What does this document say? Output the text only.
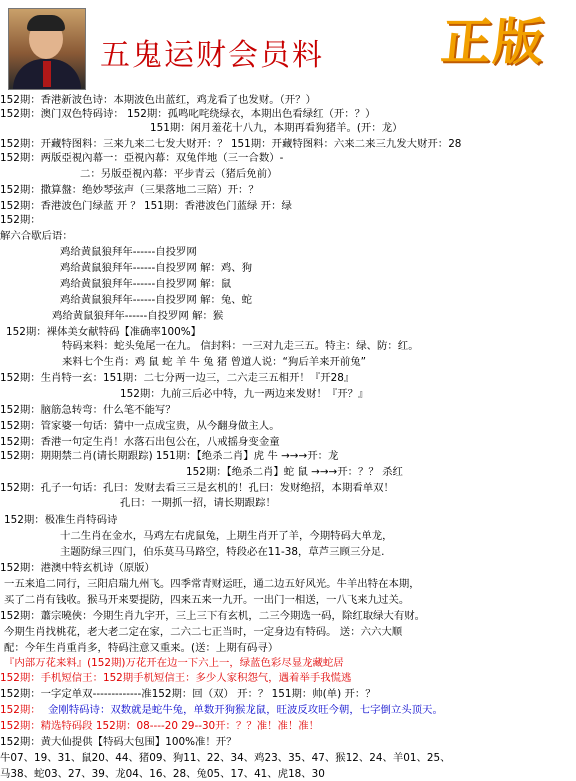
五鬼运财会员料 正版
152期：香港新波色诗：本期波色出蓝红，鸡龙看了也发财。（开？）
152期：澳门双色特码诗： 152期：孤鸣叱咤绕绿衣，本期出色看绿红（开：？）
151期：闲月羞花十八九，本期再看狗猪羊。(开：龙）
152期：开藏特图料：三来九来二七发大财开：？ 151期：开藏特图料：六来二来三九发大财开：28
152期：两版亞視內幕一：亞視內幕：双兔伴地（三一合数）-
二：另版亞視內幕：平步青云（猪后免前）
152期：撒算盤：绝妙琴弦声（三果落地二三陪）开：？
152期：香港波色门绿蓝 开 ？ 151期：香港波色门蓝绿 开：绿
152期：
解六合歇后语：
鸡给黄鼠狼拜年------自投罗网
鸡给黄鼠狼拜年------自投罗网 解：鸡、狗
鸡给黄鼠狼拜年------自投罗网 解：鼠
鸡给黄鼠狼拜年------自投罗网 解：兔、蛇
鸡给黄鼠狼拜年------自投罗网 解：猴
152期：裸体美女献特码【准确率100%】
特码来料：蛇头兔尾一在九。 信封料：一三对九走三五。特主：绿、防：红。
来料七个生肖：鸡 鼠 蛇 羊 牛 兔 猪 曾道人说：“狗后羊来开前兔”
152期：生肖特一玄：151期：二七分两一边三，二六走三五相开！『开28』
152期：九前三后必中特，九一两边来发财！『开？』
152期：脑筋急转弯：什么笔不能写？
152期：管家婆一句话：猜中一点成宝贵，从今翻身做主人。
152期：香港一句定生肖！水落石出包公在，八戒摇身变金童
152期：期期禁二肖(请长期跟踪) 151期：【绝杀二肖】虎 牛 →→→开：龙
152期：【绝杀二肖】蛇 鼠 →→→开：？？ 杀红
152期：孔子一句话：孔曰：发财去看三三是玄机的！孔曰：发财绝招，本期看单双！
孔曰：一期抓一招，请长期跟踪！
152期：极准生肖特码诗
十二生肖在金水，马鸡左右虎鼠兔，上期生肖开了羊，今期特码大单龙，
主题防绿三四门，伯乐莫马马路空，特段必在11-38，草芦三顾三分足.
152期：港澳中特玄机诗（原版）
一五来追二同行，三阳启瑞九州飞。四季常青财运旺，通二边五好风光。牛羊出特在本期，
买了二肖有钱收。猴马开来要提防，四来五来一九开。一出门一相送，一八飞来九过关。
152期：蕭宗曉俠：今期生肖九字开，三上三下有玄机，二三今期选一码，除红取绿大有财。
今期生肖找桃花，老大老二定在家，二六二七正当时，一定身边有特码。 送：六六大顺
配：今年生肖重肖多，特码注意又重来。(送：上期有码寻）
『内部万花来料』(152期)万花开在边一下六上一，绿蓝色彩尽显龙藏蛇居
152期：手机短信王：152期手机短信王：多少人家积怨气，遇着举手我慌逃
152期：一字定单双-------------准152期：回（双） 开：？ 151期：帅(单) 开：？
152期： 金刚特码诗：双数就是蛇牛兔，单数开狗猴龙鼠，旺波反攻旺今朝，七字倒立头顶天。
152期：精选特码段 152期：08----20 29--30开：？？准！准！准！
152期：黄大仙提供【特码大包围】100%准！开？
牛07、19、31、鼠20、44、猪09、狗11、22、34、鸡23、35、47、猴12、24、羊01、25、
马38、蛇03、27、39、龙04、16、28、兔05、17、41、虎18、30
